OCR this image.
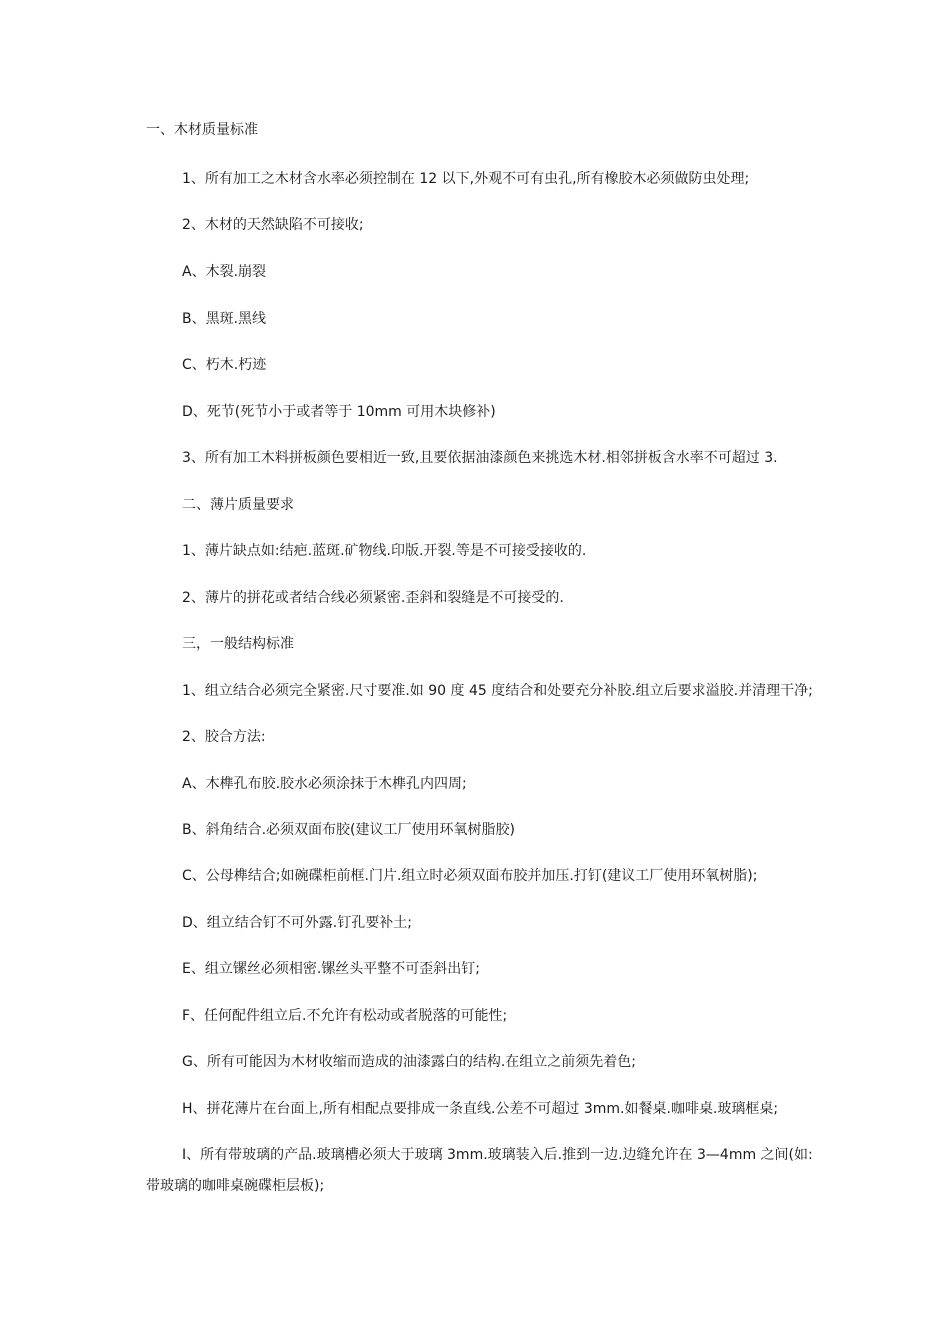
一、木材质量标准
1、所有加工之木材含水率必须控制在 12 以下,外观不可有虫孔,所有橡胶木必须做防虫处理;
2、木材的天然缺陷不可接收;
A、木裂.崩裂
B、黑斑.黑线
C、朽木.朽迹
D、死节(死节小于或者等于 10mm 可用木块修补)
3、所有加工木料拼板颜色要相近一致,且要依据油漆颜色来挑选木材.相邻拼板含水率不可超过 3.
二、薄片质量要求
1、薄片缺点如:结疤.蓝斑.矿物线.印版.开裂.等是不可接受接收的.
2、薄片的拼花或者结合线必须紧密.歪斜和裂缝是不可接受的.
三，一般结构标准
1、组立结合必须完全紧密.尺寸要准.如 90 度 45 度结合和处要充分补胶.组立后要求溢胶.并清理干净;
2、胶合方法:
A、木榫孔布胶.胶水必须涂抹于木榫孔内四周;
B、斜角结合.必须双面布胶(建议工厂使用环氧树脂胶)
C、公母榫结合;如碗碟柜前框.门片.组立时必须双面布胶并加压.打钉(建议工厂使用环氧树脂);
D、组立结合钉不可外露.钉孔要补土;
E、组立镙丝必须相密.镙丝头平整不可歪斜出钉;
F、任何配件组立后.不允许有松动或者脱落的可能性;
G、所有可能因为木材收缩而造成的油漆露白的结构.在组立之前须先着色;
H、拼花薄片在台面上,所有相配点要排成一条直线.公差不可超过 3mm.如餐桌.咖啡桌.玻璃框桌;
I、所有带玻璃的产品.玻璃槽必须大于玻璃 3mm.玻璃装入后.推到一边.边缝允许在 3—4mm 之间(如:
带玻璃的咖啡桌碗碟柜层板);
